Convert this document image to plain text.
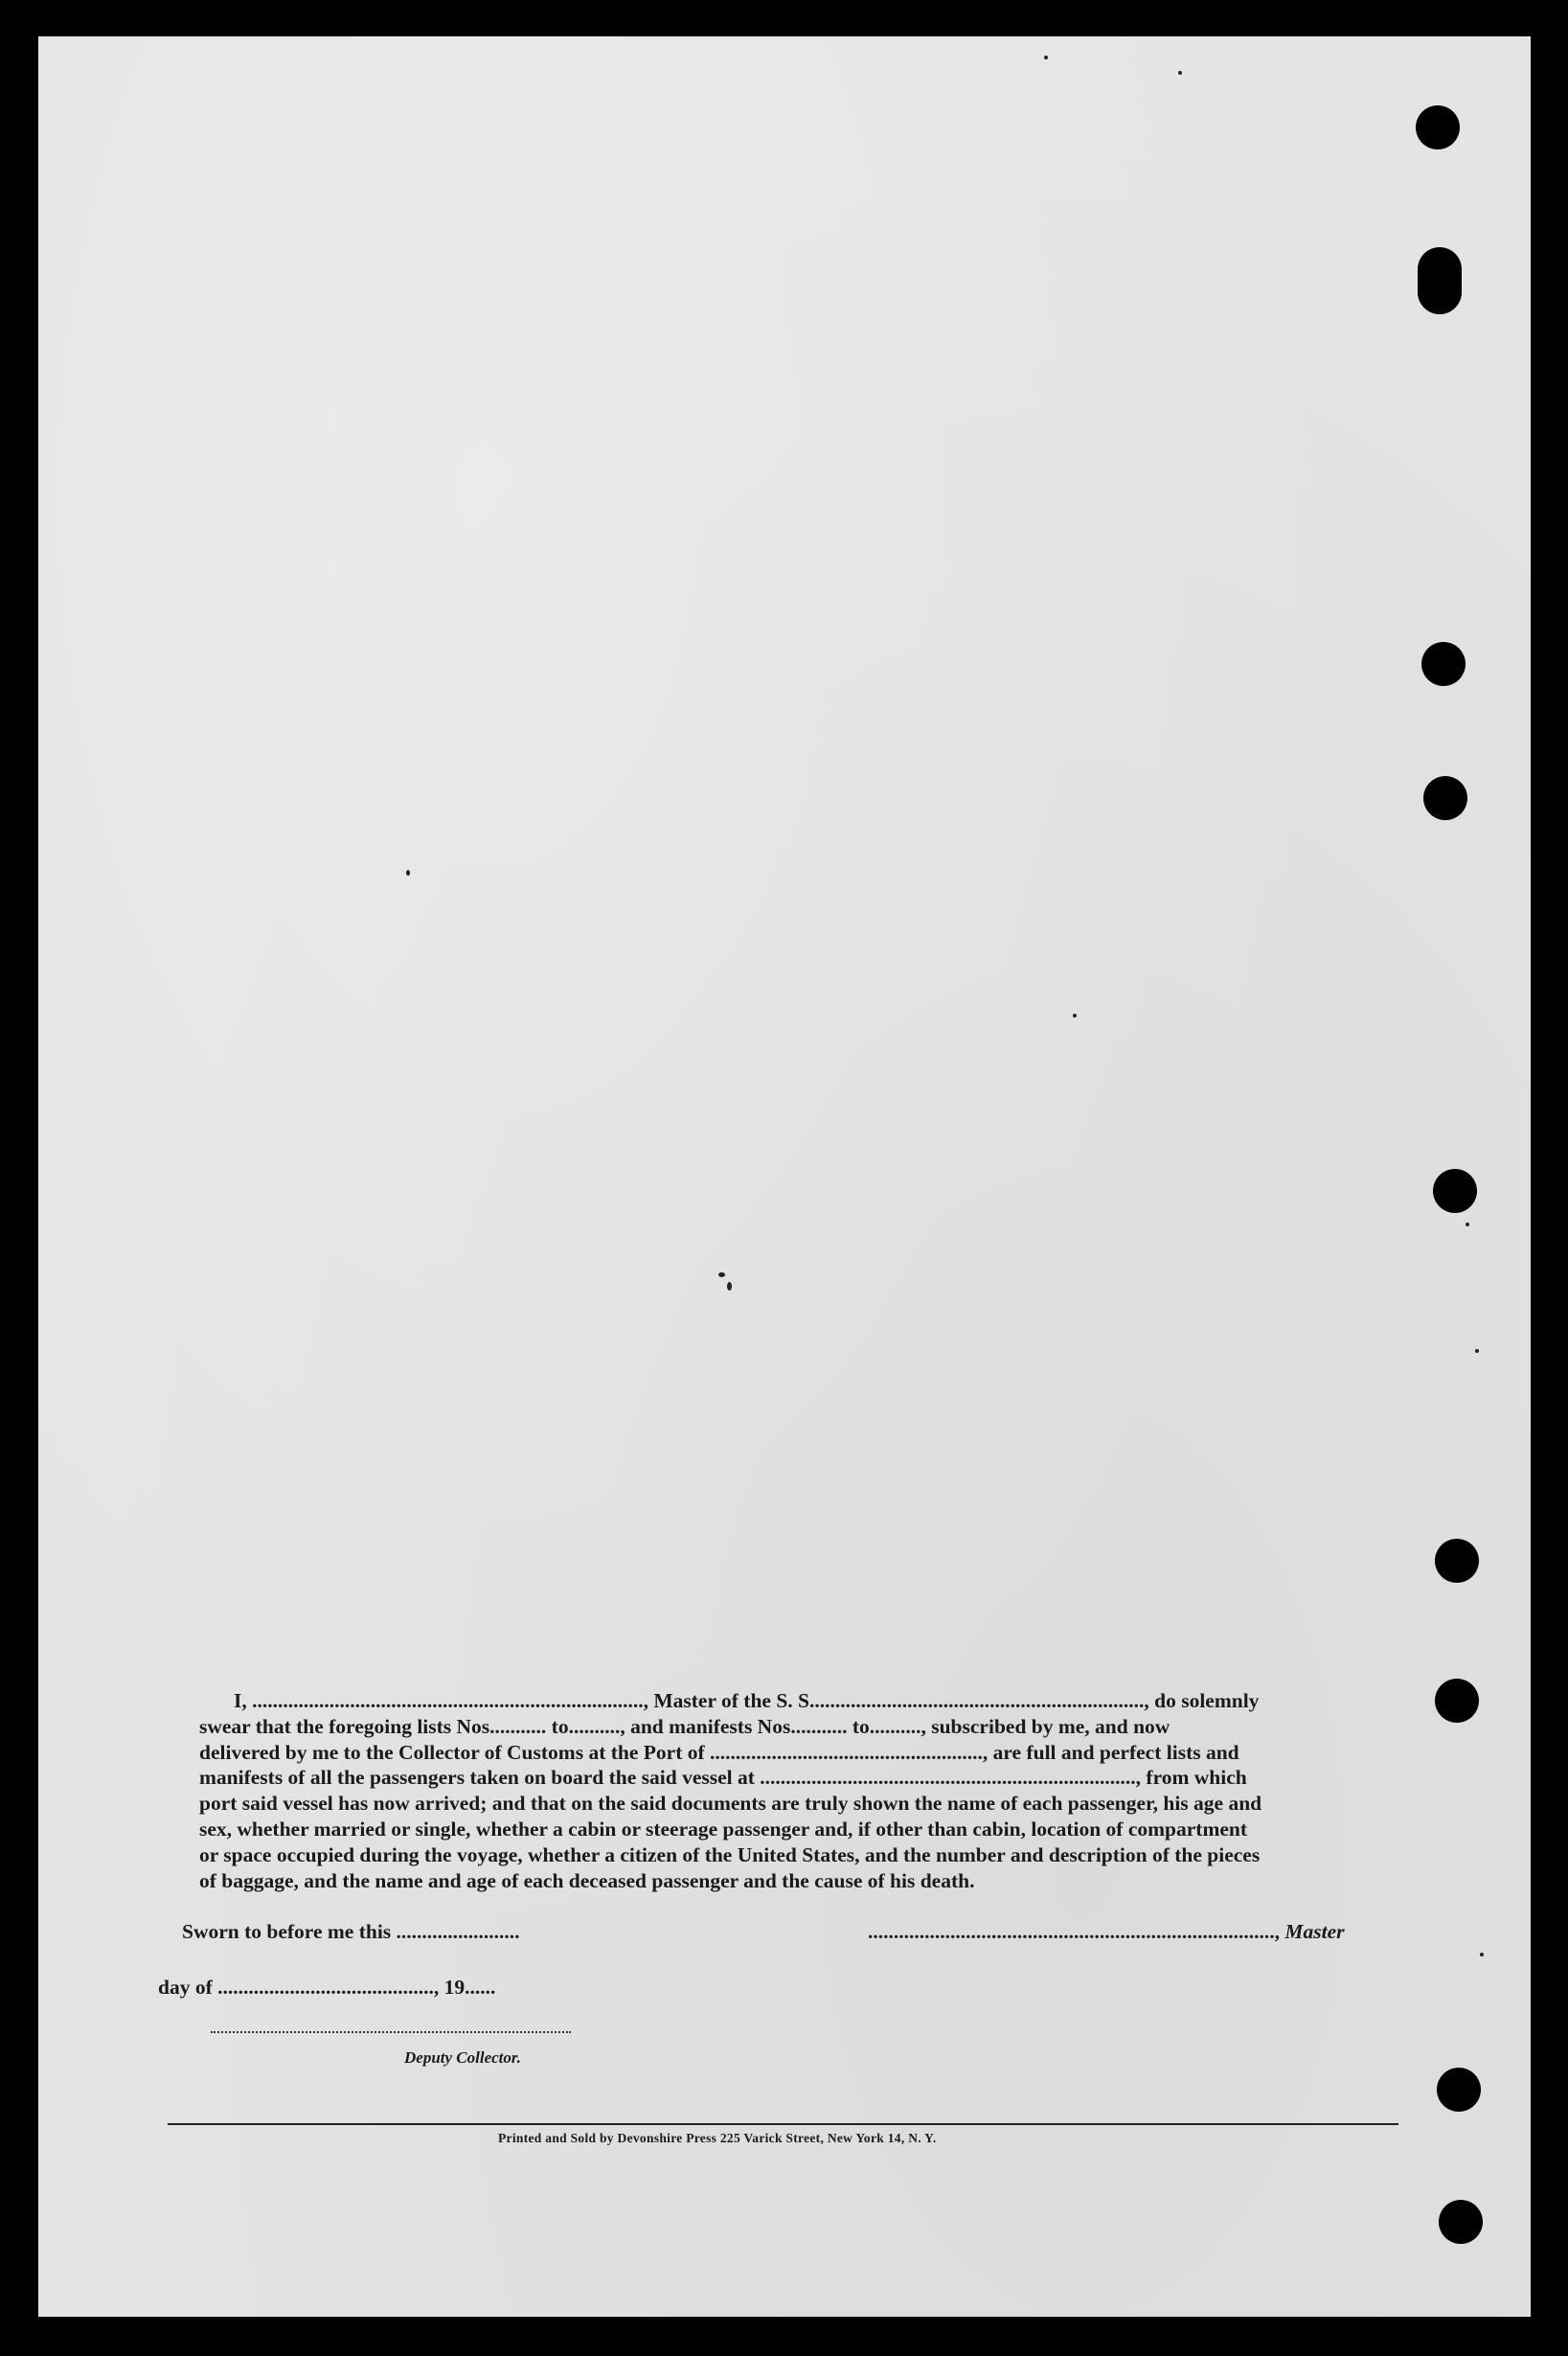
I, ............................................................................, Master of the S. S................................................................., do solemnly
swear that the foregoing lists Nos........... to.........., and manifests Nos........... to.........., subscribed by me, and now
delivered by me to the Collector of Customs at the Port of ....................................................., are full and perfect lists and
manifests of all the passengers taken on board the said vessel at ........................................................................., from which
port said vessel has now arrived; and that on the said documents are truly shown the name of each passenger, his age and
sex, whether married or single, whether a cabin or steerage passenger and, if other than cabin, location of compartment
or space occupied during the voyage, whether a citizen of the United States, and the number and description of the pieces
of baggage, and the name and age of each deceased passenger and the cause of his death.
Sworn to before me this ........................	..............................................................................., Master
day of .........................................., 19......
Deputy Collector.
Printed and Sold by Devonshire Press 225 Varick Street, New York 14, N. Y.
